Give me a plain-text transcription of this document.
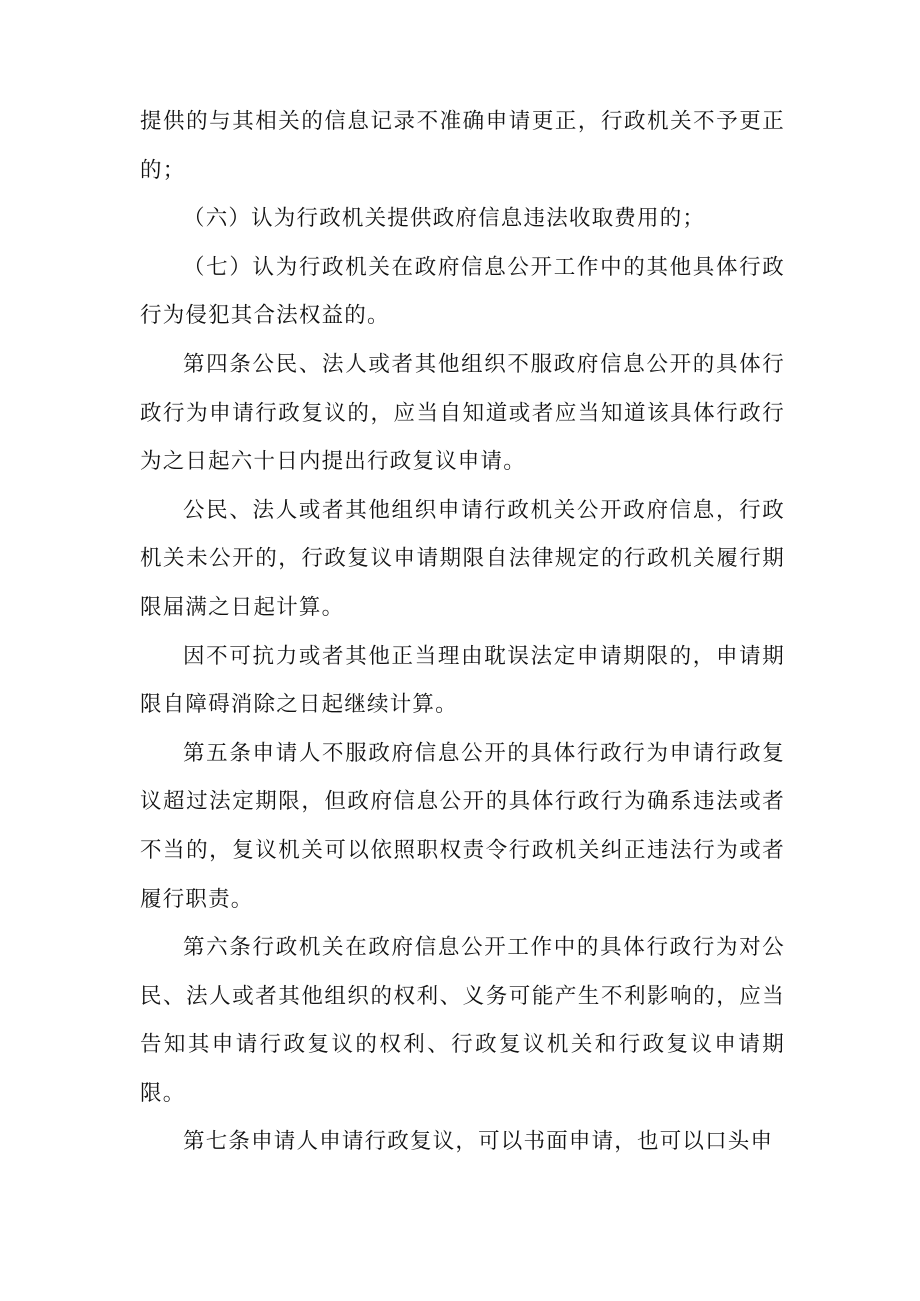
提供的与其相关的信息记录不准确申请更正，行政机关不予更正的；

（六）认为行政机关提供政府信息违法收取费用的；

（七）认为行政机关在政府信息公开工作中的其他具体行政行为侵犯其合法权益的。

第四条公民、法人或者其他组织不服政府信息公开的具体行政行为申请行政复议的，应当自知道或者应当知道该具体行政行为之日起六十日内提出行政复议申请。

公民、法人或者其他组织申请行政机关公开政府信息，行政机关未公开的，行政复议申请期限自法律规定的行政机关履行期限届满之日起计算。

因不可抗力或者其他正当理由耽误法定申请期限的，申请期限自障碍消除之日起继续计算。

第五条申请人不服政府信息公开的具体行政行为申请行政复议超过法定期限，但政府信息公开的具体行政行为确系违法或者不当的，复议机关可以依照职权责令行政机关纠正违法行为或者履行职责。

第六条行政机关在政府信息公开工作中的具体行政行为对公民、法人或者其他组织的权利、义务可能产生不利影响的，应当告知其申请行政复议的权利、行政复议机关和行政复议申请期限。

第七条申请人申请行政复议，可以书面申请，也可以口头申
